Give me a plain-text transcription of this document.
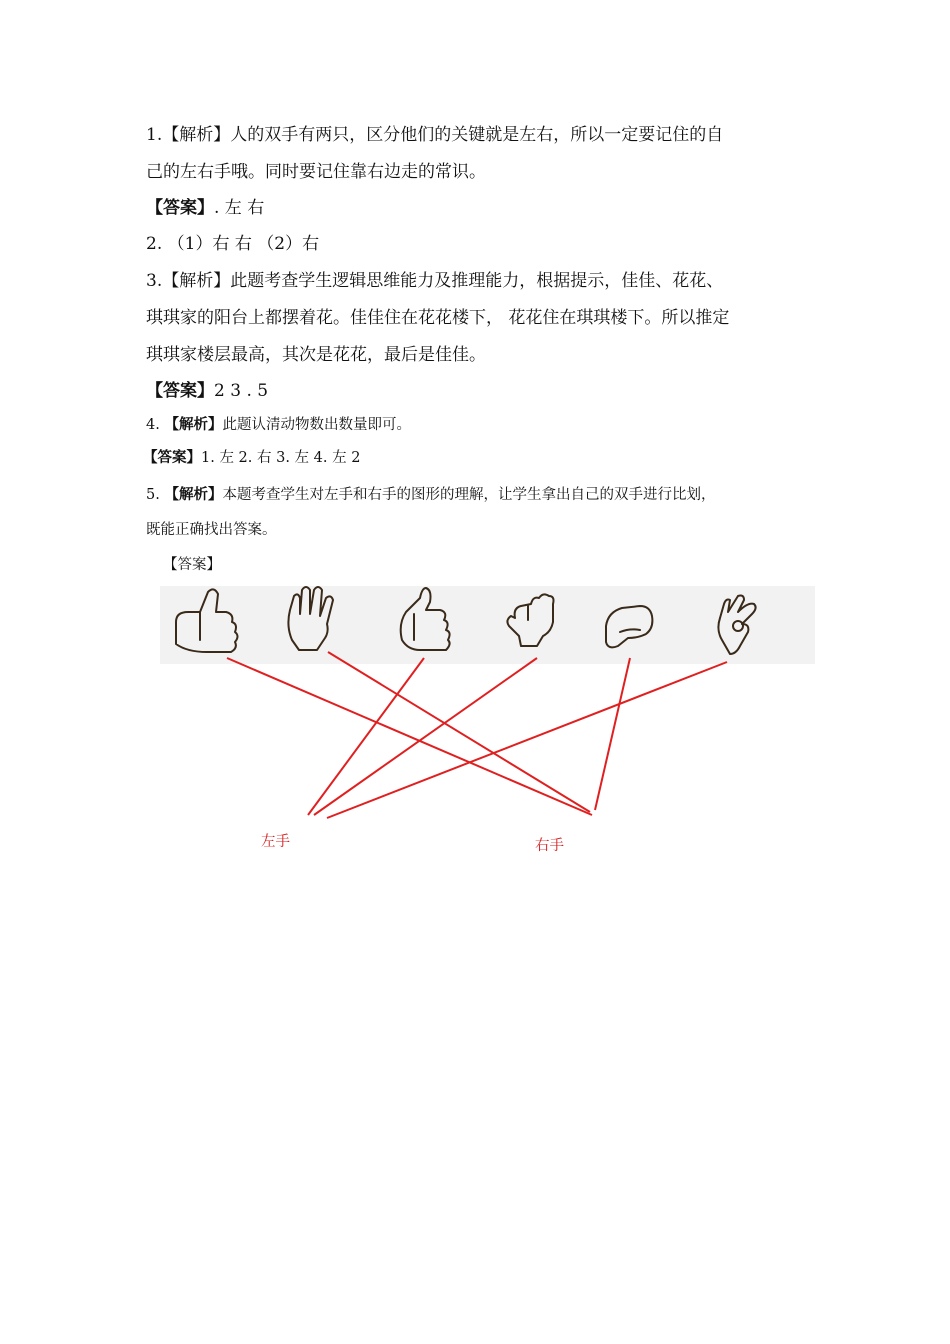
1.【解析】人的双手有两只，区分他们的关键就是左右，所以一定要记住的自
己的左右手哦。同时要记住靠右边走的常识。
【答案】. 左 右
2. （1）右 右 （2）右
3.【解析】此题考查学生逻辑思维能力及推理能力，根据提示，佳佳、花花、
琪琪家的阳台上都摆着花。佳佳住在花花楼下， 花花住在琪琪楼下。所以推定
琪琪家楼层最高，其次是花花，最后是佳佳。
【答案】2 3 . 5
4. 【解析】此题认清动物数出数量即可。
【答案】1. 左 2. 右 3. 左 4. 左 2
5. 【解析】本题考查学生对左手和右手的图形的理解，让学生拿出自己的双手进行比划，
既能正确找出答案。
【答案】
左手	右手
